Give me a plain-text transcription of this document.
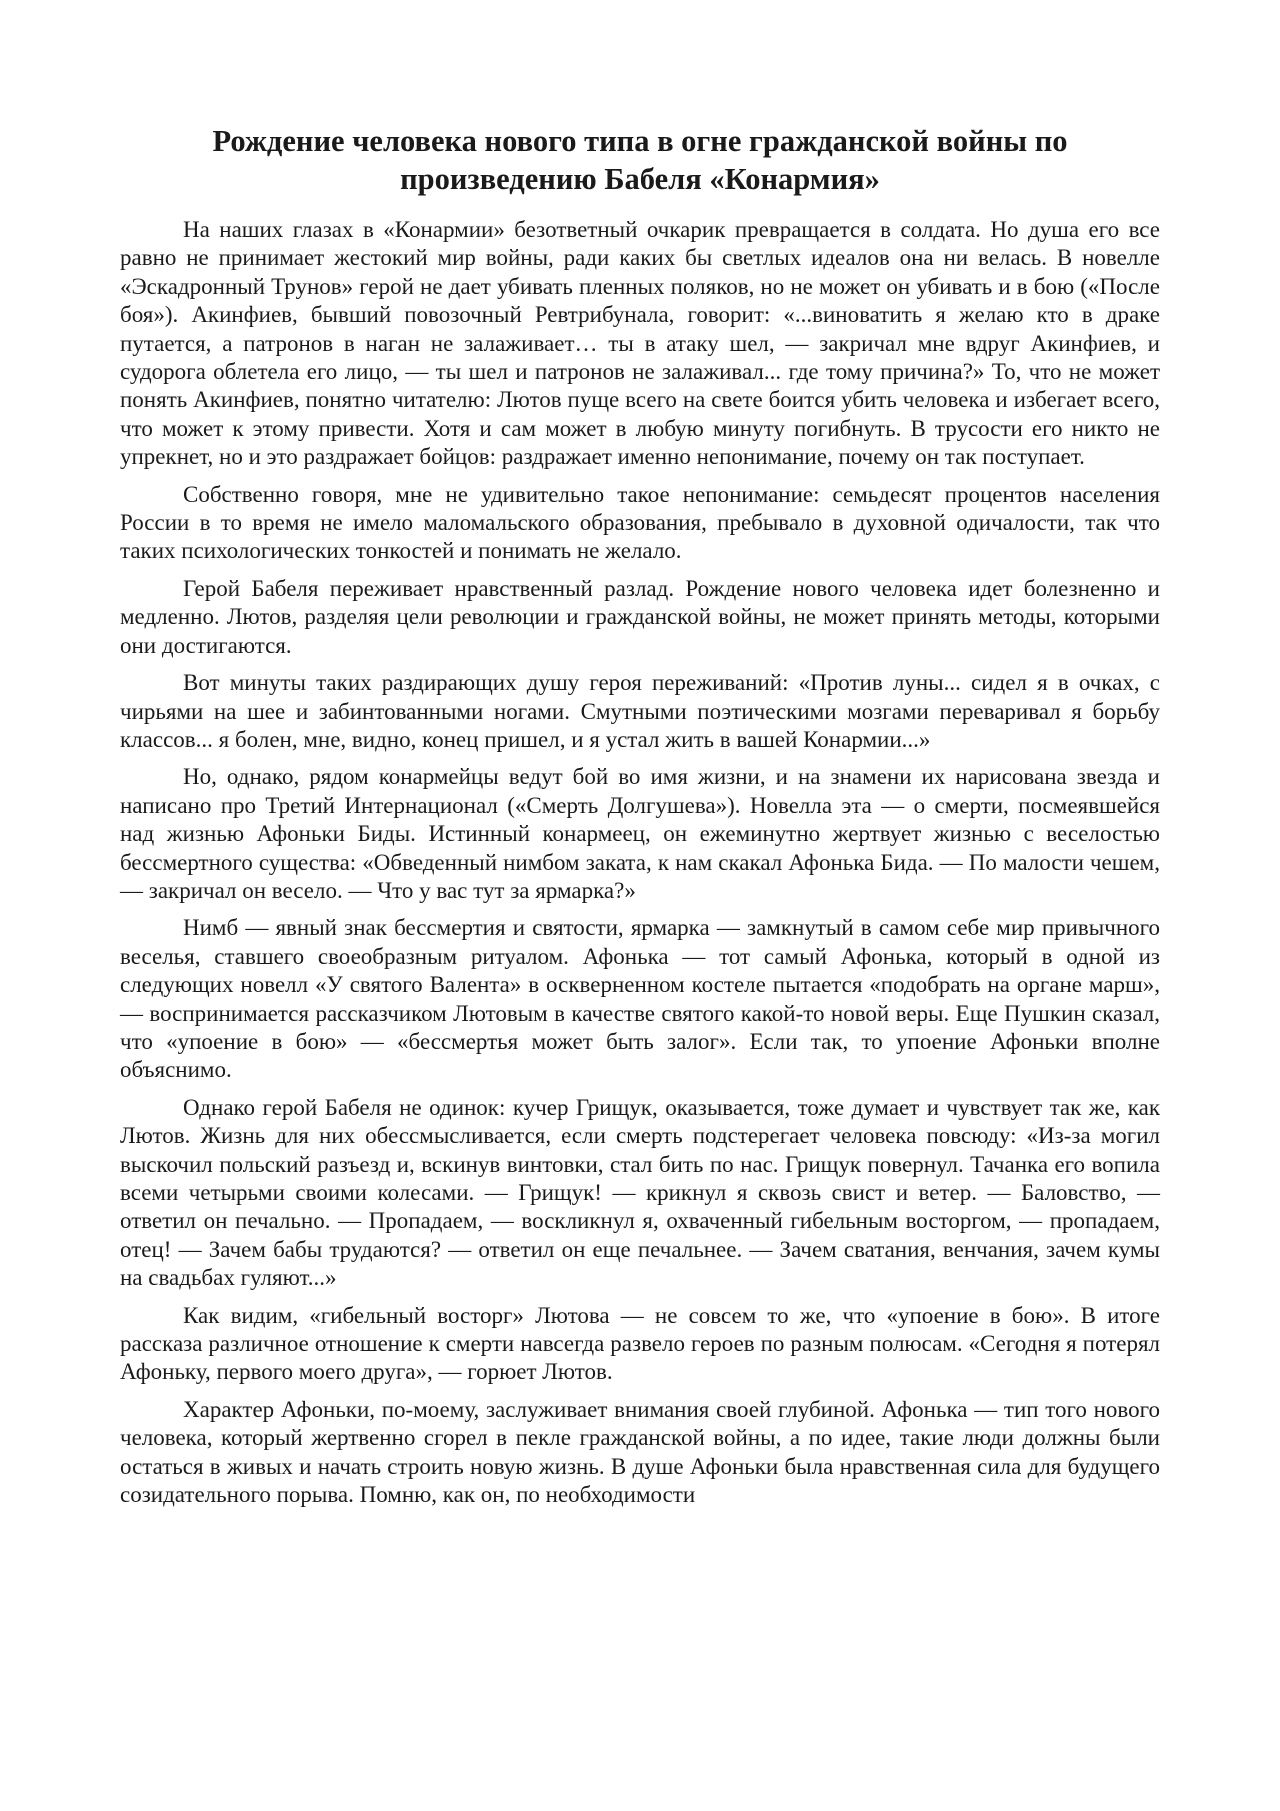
Рождение человека нового типа в огне гражданской войны по
произведению Бабеля «Конармия»

На наших глазах в «Конармии» безответный очкарик превращается в солдата. Но душа его все равно не принимает жестокий мир войны, ради каких бы светлых идеалов она ни велась. В новелле «Эскадронный Трунов» герой не дает убивать пленных поляков, но не может он убивать и в бою («После боя»). Акинфиев, бывший повозочный Ревтрибунала, говорит: «...виноватить я желаю кто в драке путается, а патронов в наган не залаживает… ты в атаку шел, — закричал мне вдруг Акинфиев, и судорога облетела его лицо, — ты шел и патронов не залаживал... где тому причина?» То, что не может понять Акинфиев, понятно читателю: Лютов пуще всего на свете боится убить человека и избегает всего, что может к этому привести. Хотя и сам может в любую минуту погибнуть. В трусости его никто не упрекнет, но и это раздражает бойцов: раздражает именно непонимание, почему он так поступает.

Собственно говоря, мне не удивительно такое непонимание: семьдесят процентов населения России в то время не имело маломальского образования, пребывало в духовной одичалости, так что таких психологических тонкостей и понимать не желало.

Герой Бабеля переживает нравственный разлад. Рождение нового человека идет болезненно и медленно. Лютов, разделяя цели революции и гражданской войны, не может принять методы, которыми они достигаются.

Вот минуты таких раздирающих душу героя переживаний: «Против луны... сидел я в очках, с чирьями на шее и забинтованными ногами. Смутными поэтическими мозгами переваривал я борьбу классов... я болен, мне, видно, конец пришел, и я устал жить в вашей Конармии...»

Но, однако, рядом конармейцы ведут бой во имя жизни, и на знамени их нарисована звезда и написано про Третий Интернационал («Смерть Долгушева»). Новелла эта — о смерти, посмеявшейся над жизнью Афоньки Биды. Истинный конармеец, он ежеминутно жертвует жизнью с веселостью бессмертного существа: «Обведенный нимбом заката, к нам скакал Афонька Бида. — По малости чешем, — закричал он весело. — Что у вас тут за ярмарка?»

Нимб — явный знак бессмертия и святости, ярмарка — замкнутый в самом себе мир привычного веселья, ставшего своеобразным ритуалом. Афонька — тот самый Афонька, который в одной из следующих новелл «У святого Валента» в оскверненном костеле пытается «подобрать на органе марш», — воспринимается рассказчиком Лютовым в качестве святого какой-то новой веры. Еще Пушкин сказал, что «упоение в бою» — «бессмертья может быть залог». Если так, то упоение Афоньки вполне объяснимо.

Однако герой Бабеля не одинок: кучер Грищук, оказывается, тоже думает и чувствует так же, как Лютов. Жизнь для них обессмысливается, если смерть подстерегает человека повсюду: «Из-за могил выскочил польский разъезд и, вскинув винтовки, стал бить по нас. Грищук повернул. Тачанка его вопила всеми четырьми своими колесами. — Грищук! — крикнул я сквозь свист и ветер. — Баловство, — ответил он печально. — Пропадаем, — воскликнул я, охваченный гибельным восторгом, — пропадаем, отец! — Зачем бабы трудаются? — ответил он еще печальнее. — Зачем сватания, венчания, зачем кумы на свадьбах гуляют...»

Как видим, «гибельный восторг» Лютова — не совсем то же, что «упоение в бою». В итоге рассказа различное отношение к смерти навсегда развело героев по разным полюсам. «Сегодня я потерял Афоньку, первого моего друга», — горюет Лютов.

Характер Афоньки, по-моему, заслуживает внимания своей глубиной. Афонька — тип того нового человека, который жертвенно сгорел в пекле гражданской войны, а по идее, такие люди должны были остаться в живых и начать строить новую жизнь. В душе Афоньки была нравственная сила для будущего созидательного порыва. Помню, как он, по необходимости
